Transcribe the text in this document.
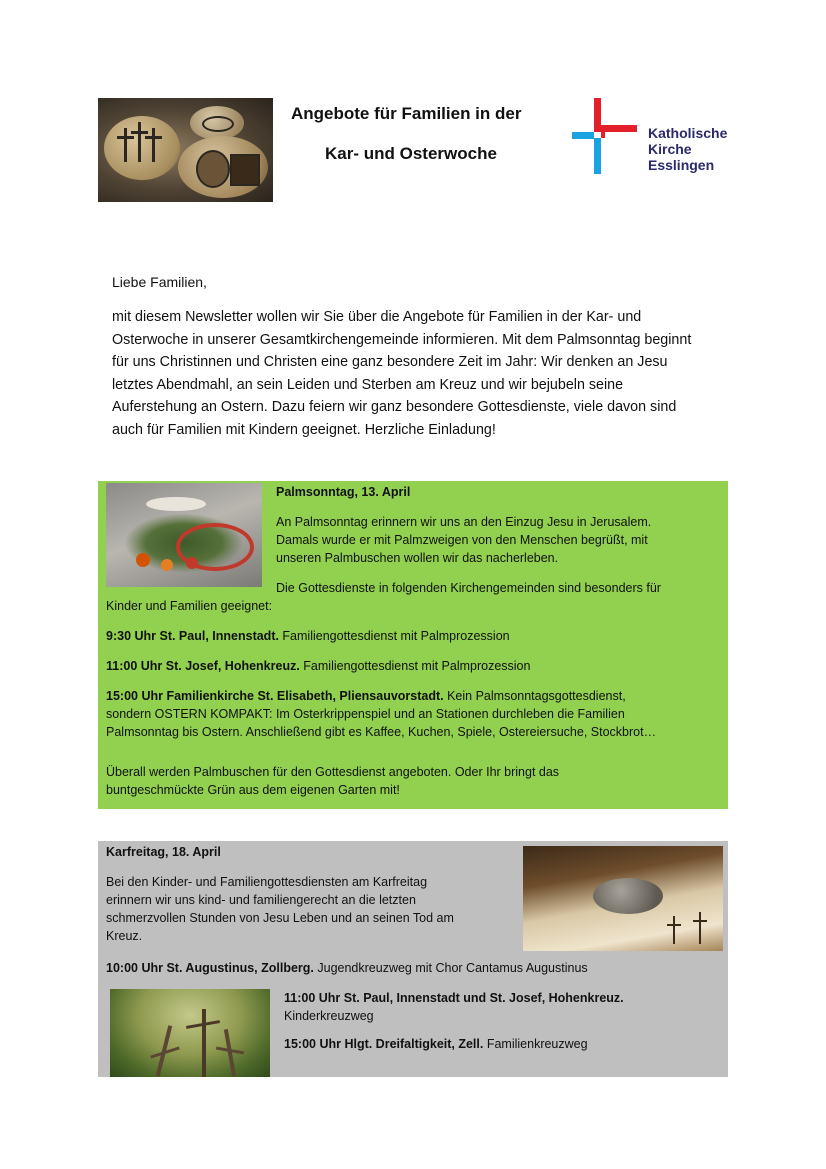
Angebote für Familien in der
Kar- und Osterwoche
Katholische
Kirche
Esslingen
Liebe Familien,
mit diesem Newsletter wollen wir Sie über die Angebote für Familien in der Kar- und
Osterwoche in unserer Gesamtkirchengemeinde informieren. Mit dem Palmsonntag beginnt
für uns Christinnen und Christen eine ganz besondere Zeit im Jahr: Wir denken an Jesu
letztes Abendmahl, an sein Leiden und Sterben am Kreuz und wir bejubeln seine
Auferstehung an Ostern. Dazu feiern wir ganz besondere Gottesdienste, viele davon sind
auch für Familien mit Kindern geeignet. Herzliche Einladung!
Palmsonntag, 13. April
An Palmsonntag erinnern wir uns an den Einzug Jesu in Jerusalem.
Damals wurde er mit Palmzweigen von den Menschen begrüßt, mit
unseren Palmbuschen wollen wir das nacherleben.
Die Gottesdienste in folgenden Kirchengemeinden sind besonders für
Kinder und Familien geeignet:
9:30 Uhr St. Paul, Innenstadt. Familiengottesdienst mit Palmprozession
11:00 Uhr St. Josef, Hohenkreuz. Familiengottesdienst mit Palmprozession
15:00 Uhr Familienkirche St. Elisabeth, Pliensauvorstadt. Kein Palmsonntagsgottesdienst,
sondern OSTERN KOMPAKT: Im Osterkrippenspiel und an Stationen durchleben die Familien
Palmsonntag bis Ostern. Anschließend gibt es Kaffee, Kuchen, Spiele, Ostereiersuche, Stockbrot…
Überall werden Palmbuschen für den Gottesdienst angeboten. Oder Ihr bringt das
buntgeschmückte Grün aus dem eigenen Garten mit!
Karfreitag, 18. April
Bei den Kinder- und Familiengottesdiensten am Karfreitag
erinnern wir uns kind- und familiengerecht an die letzten
schmerzvollen Stunden von Jesu Leben und an seinen Tod am
Kreuz.
10:00 Uhr St. Augustinus, Zollberg. Jugendkreuzweg mit Chor Cantamus Augustinus
11:00 Uhr St. Paul, Innenstadt und St. Josef, Hohenkreuz.
Kinderkreuzweg
15:00 Uhr Hlgt. Dreifaltigkeit, Zell. Familienkreuzweg
